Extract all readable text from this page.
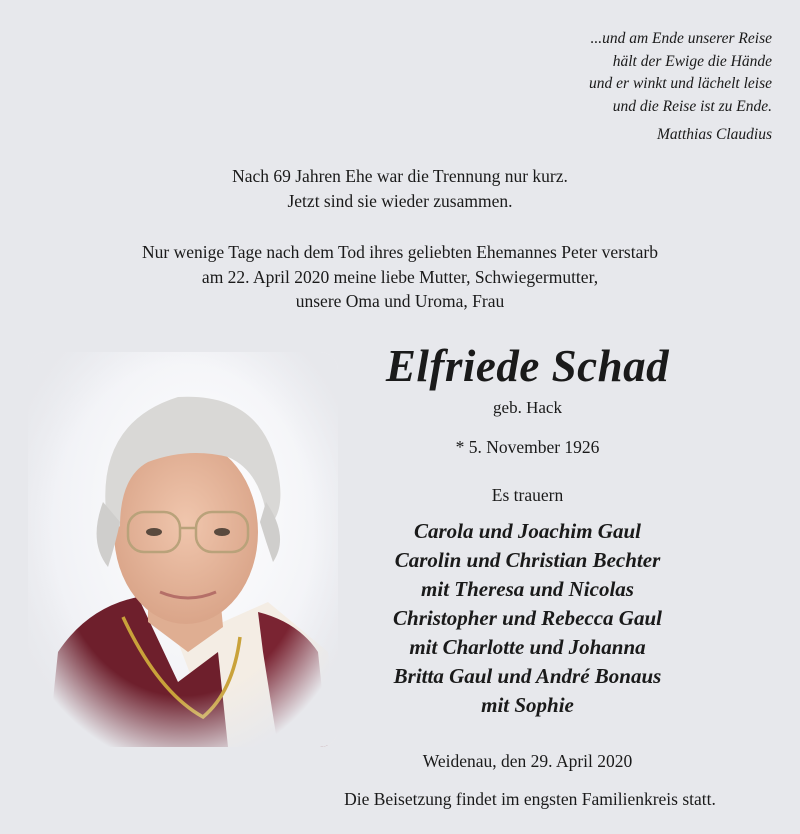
...und am Ende unserer Reise
hält der Ewige die Hände
und er winkt und lächelt leise
und die Reise ist zu Ende.
Matthias Claudius
Nach 69 Jahren Ehe war die Trennung nur kurz.
Jetzt sind sie wieder zusammen.
Nur wenige Tage nach dem Tod ihres geliebten Ehemannes Peter verstarb
am 22. April 2020 meine liebe Mutter, Schwiegermutter,
unsere Oma und Uroma, Frau
Elfriede Schad
geb. Hack
* 5. November 1926
Es trauern
Carola und Joachim Gaul
Carolin und Christian Bechter
mit Theresa und Nicolas
Christopher und Rebecca Gaul
mit Charlotte und Johanna
Britta Gaul und André Bonaus
mit Sophie
Weidenau, den 29. April 2020
Die Beisetzung findet im engsten Familienkreis statt.
